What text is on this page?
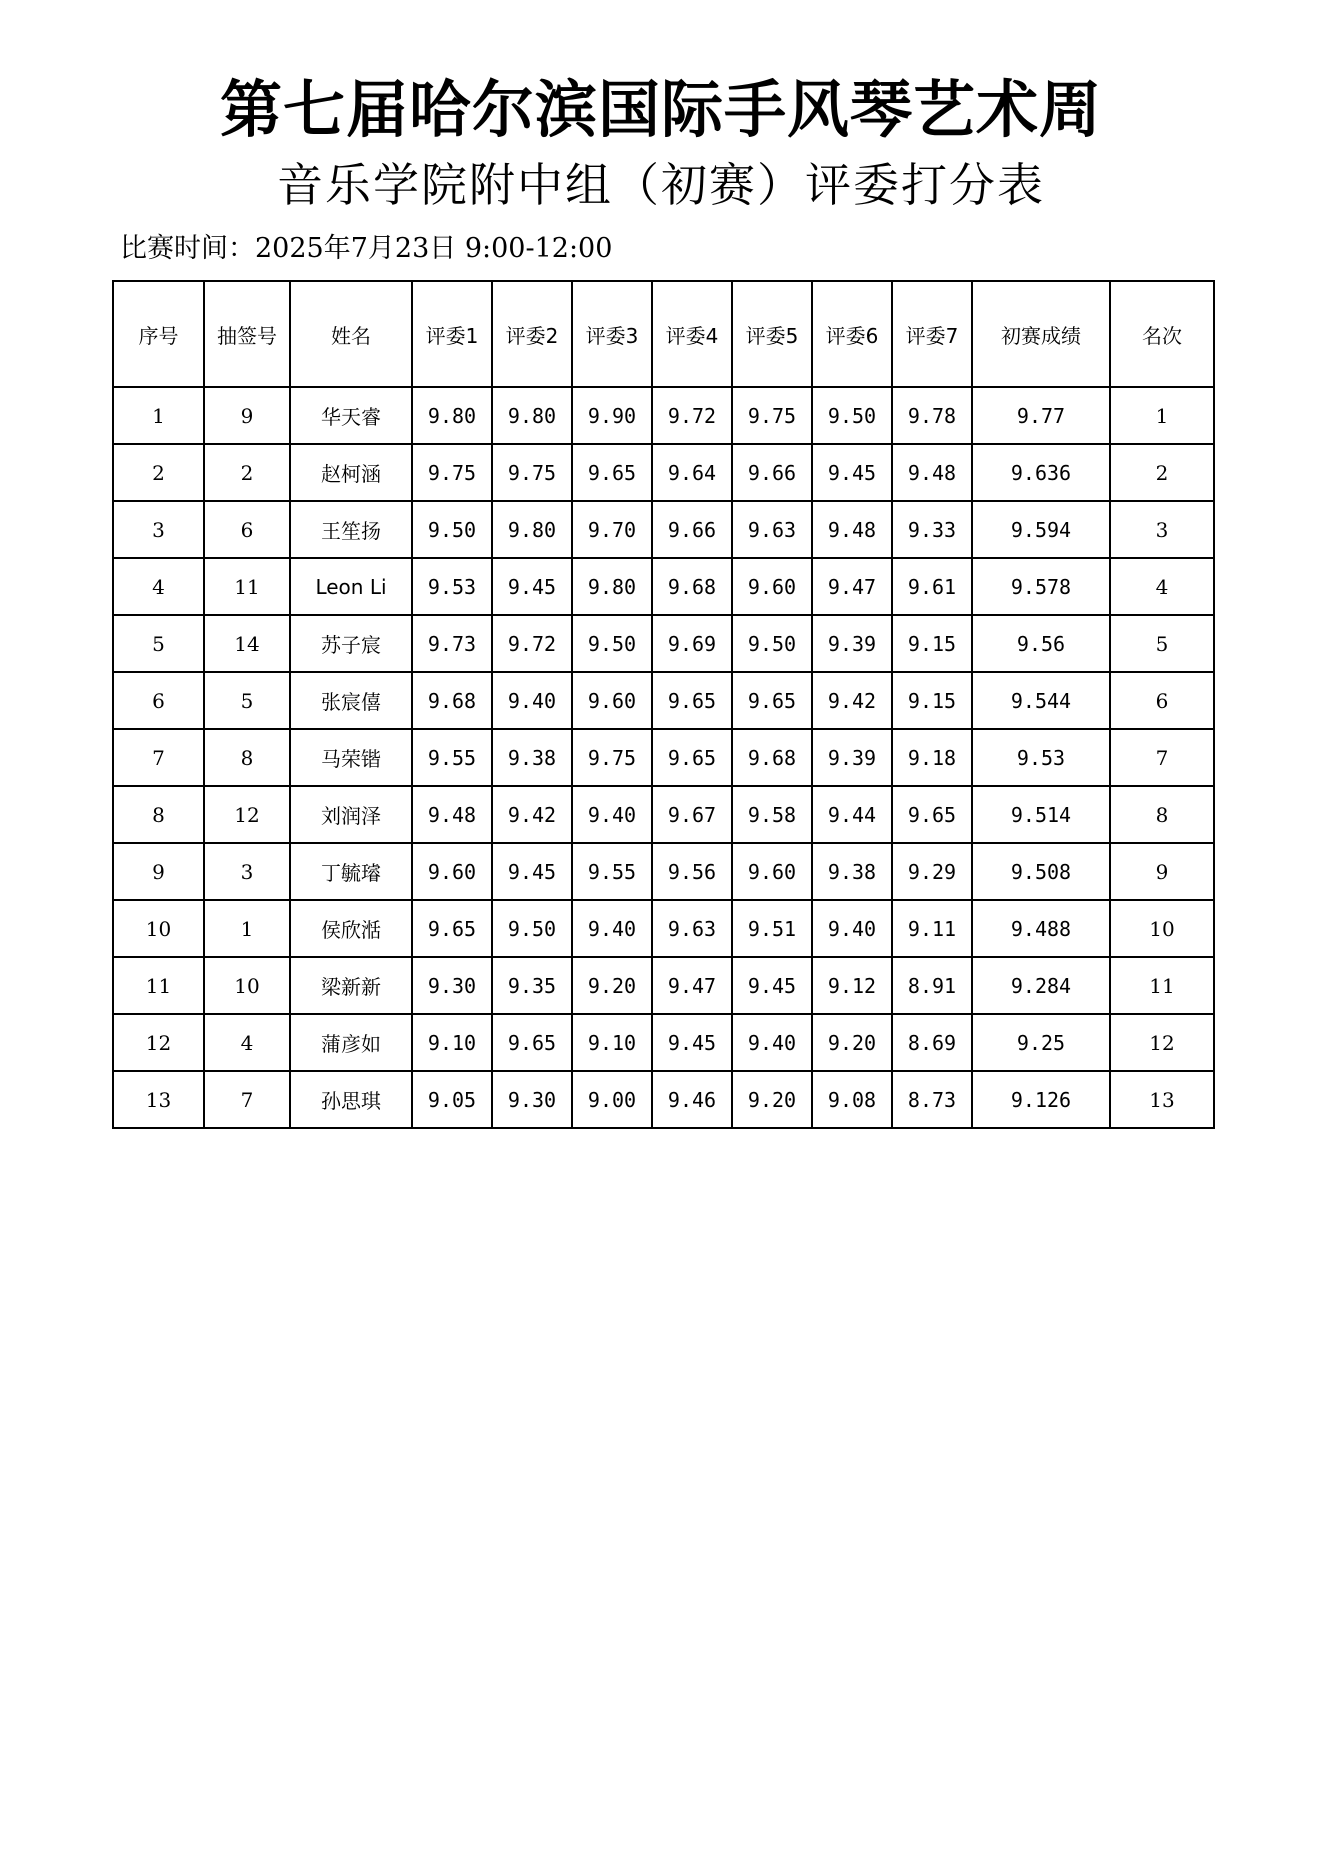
第七届哈尔滨国际手风琴艺术周
音乐学院附中组（初赛）评委打分表
比赛时间：2025年7月23日 9:00-12:00
序号	抽签号	姓名	评委1	评委2	评委3	评委4	评委5	评委6	评委7	初赛成绩	名次
1	9	华天睿	9.80	9.80	9.90	9.72	9.75	9.50	9.78	9.77	1
2	2	赵柯涵	9.75	9.75	9.65	9.64	9.66	9.45	9.48	9.636	2
3	6	王笙扬	9.50	9.80	9.70	9.66	9.63	9.48	9.33	9.594	3
4	11	Leon Li	9.53	9.45	9.80	9.68	9.60	9.47	9.61	9.578	4
5	14	苏子宸	9.73	9.72	9.50	9.69	9.50	9.39	9.15	9.56	5
6	5	张宸僖	9.68	9.40	9.60	9.65	9.65	9.42	9.15	9.544	6
7	8	马荣锴	9.55	9.38	9.75	9.65	9.68	9.39	9.18	9.53	7
8	12	刘润泽	9.48	9.42	9.40	9.67	9.58	9.44	9.65	9.514	8
9	3	丁毓璿	9.60	9.45	9.55	9.56	9.60	9.38	9.29	9.508	9
10	1	侯欣湉	9.65	9.50	9.40	9.63	9.51	9.40	9.11	9.488	10
11	10	梁新新	9.30	9.35	9.20	9.47	9.45	9.12	8.91	9.284	11
12	4	蒲彦如	9.10	9.65	9.10	9.45	9.40	9.20	8.69	9.25	12
13	7	孙思琪	9.05	9.30	9.00	9.46	9.20	9.08	8.73	9.126	13
